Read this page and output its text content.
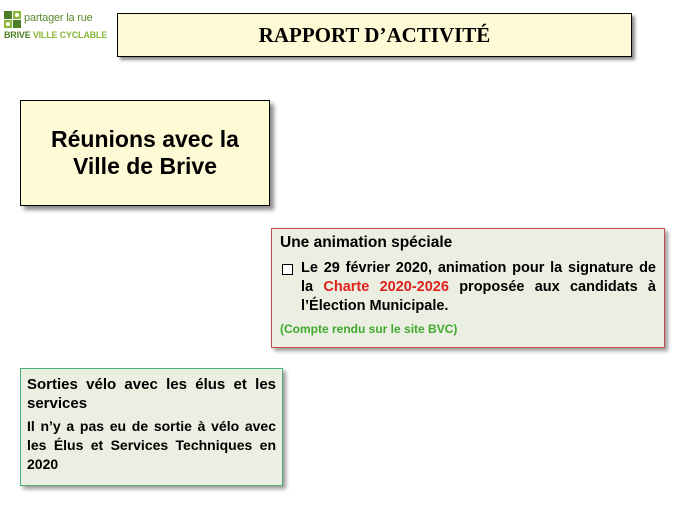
partager la rue
BRIVE VILLE CYCLABLE	RAPPORT D’ACTIVITÉ
Réunions avec la Ville de Brive
Une animation spéciale
Le 29 février 2020, animation pour la signature de la Charte 2020-2026 proposée aux candidats à l’Élection Municipale.
(Compte rendu sur le site BVC)
Sorties vélo avec les élus et les services
Il n’y a pas eu de sortie à vélo avec les Élus et Services Techniques en 2020
